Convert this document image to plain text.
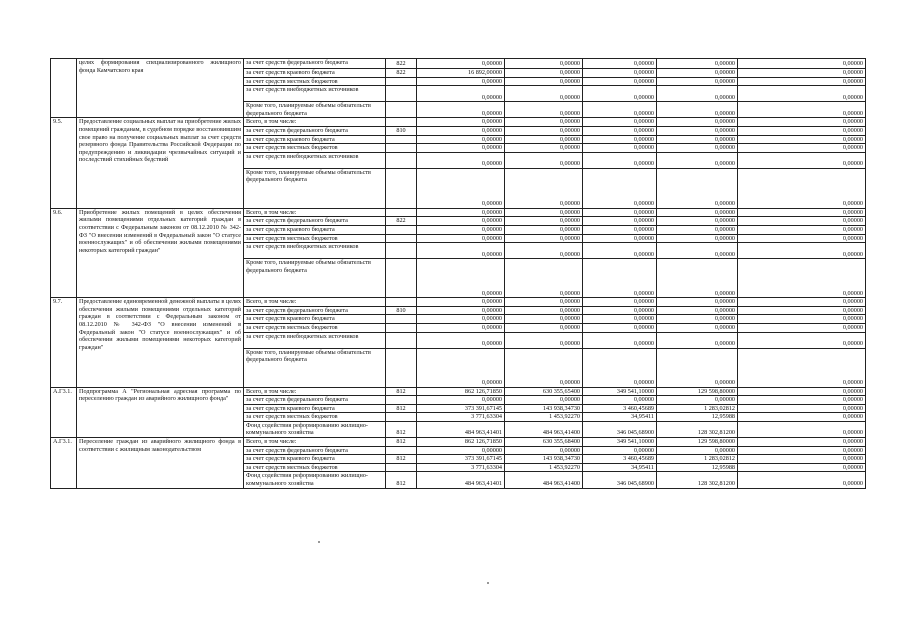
	целях формирования специализированного жилищного фонда Камчатского края	за счет средств федерального бюджета	822	0,00000	0,00000	0,00000	0,00000	0,00000
		за счет средств краевого бюджета	822	16 892,00000	0,00000	0,00000	0,00000	0,00000
		за счет средств местных бюджетов		0,00000	0,00000	0,00000	0,00000	0,00000
		за счет средств внебюджетных источников		0,00000	0,00000	0,00000	0,00000	0,00000
		Кроме того, планируемые объемы обязательств федерального бюджета		0,00000	0,00000	0,00000	0,00000	0,00000
9.5.	Предоставление социальных выплат на приобретение жилых помещений гражданам, в судебном порядке восстановившим свое право на получение социальных выплат за счет средств резервного фонда Правительства Российской Федерации по предупреждению и ликвидации чрезвычайных ситуаций и последствий стихийных бедствий	Всего, в том числе:		0,00000	0,00000	0,00000	0,00000	0,00000
		за счет средств федерального бюджета	810	0,00000	0,00000	0,00000	0,00000	0,00000
		за счет средств краевого бюджета		0,00000	0,00000	0,00000	0,00000	0,00000
		за счет средств местных бюджетов		0,00000	0,00000	0,00000	0,00000	0,00000
		за счет средств внебюджетных источников		0,00000	0,00000	0,00000	0,00000	0,00000
		Кроме того, планируемые объемы обязательств федерального бюджета		0,00000	0,00000	0,00000	0,00000	0,00000
9.6.	Приобретение жилых помещений в целях обеспечения жилыми помещениями отдельных категорий граждан в соответствии с Федеральным законом от 08.12.2010 № 342-ФЗ "О внесении изменений в Федеральный закон "О статусе военнослужащих" и об обеспечении жилыми помещениями некоторых категорий граждан"	Всего, в том числе:		0,00000	0,00000	0,00000	0,00000	0,00000
		за счет средств федерального бюджета	822	0,00000	0,00000	0,00000	0,00000	0,00000
		за счет средств краевого бюджета		0,00000	0,00000	0,00000	0,00000	0,00000
		за счет средств местных бюджетов		0,00000	0,00000	0,00000	0,00000	0,00000
		за счет средств внебюджетных источников		0,00000	0,00000	0,00000	0,00000	0,00000
		Кроме того, планируемые объемы обязательств федерального бюджета		0,00000	0,00000	0,00000	0,00000	0,00000
9.7.	Предоставление единовременной денежной выплаты в целях обеспечения жилыми помещениями отдельных категорий граждан в соответствии с Федеральным законом от 08.12.2010 № 342-ФЗ "О внесении изменений в Федеральный закон "О статусе военнослужащих" и об обеспечении жилыми помещениями некоторых категорий граждан"	Всего, в том числе:		0,00000	0,00000	0,00000	0,00000	0,00000
		за счет средств федерального бюджета	810	0,00000	0,00000	0,00000	0,00000	0,00000
		за счет средств краевого бюджета		0,00000	0,00000	0,00000	0,00000	0,00000
		за счет средств местных бюджетов		0,00000	0,00000	0,00000	0,00000	0,00000
		за счет средств внебюджетных источников		0,00000	0,00000	0,00000	0,00000	0,00000
		Кроме того, планируемые объемы обязательств федерального бюджета		0,00000	0,00000	0,00000	0,00000	0,00000
А.Г3.1.	Подпрограмма А "Региональная адресная программа по переселению граждан из аварийного жилищного фонда"	Всего, в том числе:	812	862 126,71850	630 355,65400	349 541,10000	129 598,80000	0,00000
		за счет средств федерального бюджета		0,00000	0,00000	0,00000	0,00000	0,00000
		за счет средств краевого бюджета	812	373 391,67145	143 938,34730	3 460,45689	1 283,02812	0,00000
		за счет средств местных бюджетов		3 771,63304	1 453,92270	34,95411	12,95988	0,00000
		Фонд содействия реформированию жилищно-коммунального хозяйства	812	484 963,41401	484 963,41400	346 045,68900	128 302,81200	0,00000
А.Г3.1.	Переселение граждан из аварийного жилищного фонда в соответствии с жилищным законодательством	Всего, в том числе:	812	862 126,71850	630 355,68400	349 541,10000	129 598,80000	0,00000
		за счет средств федерального бюджета		0,00000	0,00000	0,00000	0,00000	0,00000
		за счет средств краевого бюджета	812	373 391,67145	143 938,34730	3 460,45689	1 283,02812	0,00000
		за счет средств местных бюджетов		3 771,63304	1 453,92270	34,95411	12,95988	0,00000
		Фонд содействия реформированию жилищно-коммунального хозяйства	812	484 963,41401	484 963,41400	346 045,68900	128 302,81200	0,00000
